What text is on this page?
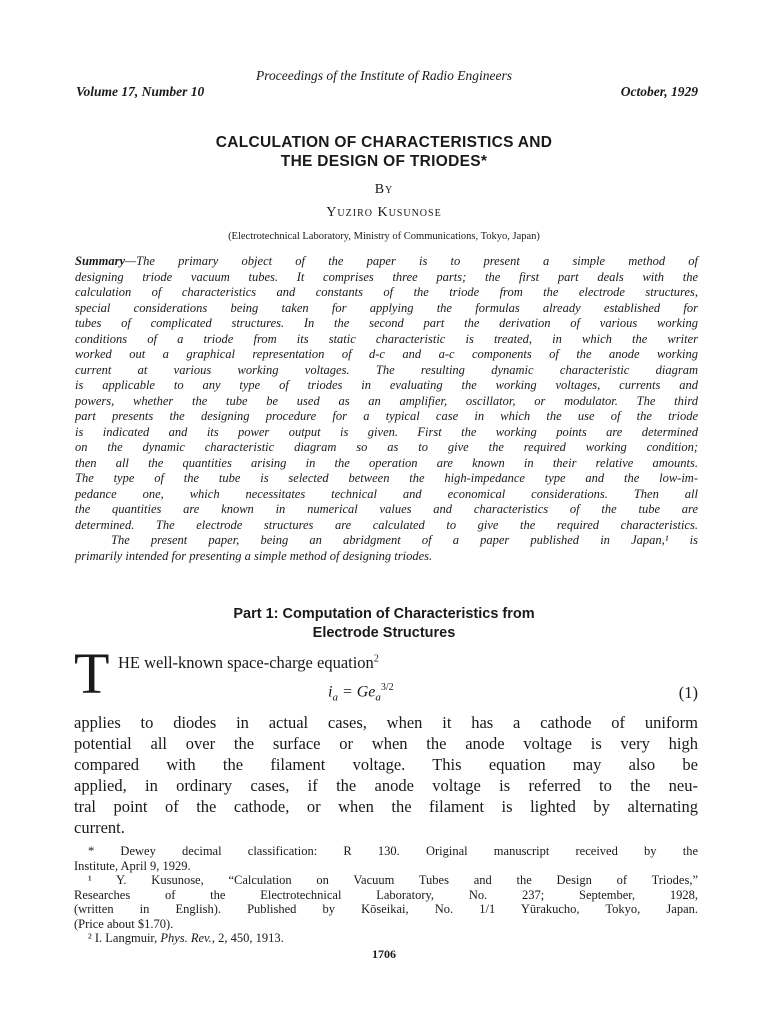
Proceedings of the Institute of Radio Engineers
Volume 17, Number 10	October, 1929
CALCULATION OF CHARACTERISTICS AND
THE DESIGN OF TRIODES*
By
Yuziro Kusunose
(Electrotechnical Laboratory, Ministry of Communications, Tokyo, Japan)
Summary—The primary object of the paper is to present a simple method of
designing triode vacuum tubes. It comprises three parts; the first part deals with the
calculation of characteristics and constants of the triode from the electrode structures,
special considerations being taken for applying the formulas already established for
tubes of complicated structures. In the second part the derivation of various working
conditions of a triode from its static characteristic is treated, in which the writer
worked out a graphical representation of d-c and a-c components of the anode working
current at various working voltages. The resulting dynamic characteristic diagram
is applicable to any type of triodes in evaluating the working voltages, currents and
powers, whether the tube be used as an amplifier, oscillator, or modulator. The third
part presents the designing procedure for a typical case in which the use of the triode
is indicated and its power output is given. First the working points are determined
on the dynamic characteristic diagram so as to give the required working condition;
then all the quantities arising in the operation are known in their relative amounts.
The type of the tube is selected between the high-impedance type and the low-im-
pedance one, which necessitates technical and economical considerations. Then all
the quantities are known in numerical values and characteristics of the tube are
determined. The electrode structures are calculated to give the required characteristics.
The present paper, being an abridgment of a paper published in Japan,¹ is
primarily intended for presenting a simple method of designing triodes.
Part 1: Computation of Characteristics from
Electrode Structures
T HE well-known space-charge equation$^2$
$i_a = Ge_a^{3/2}$	(1)
applies to diodes in actual cases, when it has a cathode of uniform
potential all over the surface or when the anode voltage is very high
compared with the filament voltage. This equation may also be
applied, in ordinary cases, if the anode voltage is referred to the neu-
tral point of the cathode, or when the filament is lighted by alternating
current.
* Dewey decimal classification: R 130. Original manuscript received by the
Institute, April 9, 1929.
¹ Y. Kusunose, “Calculation on Vacuum Tubes and the Design of Triodes,”
Researches of the Electrotechnical Laboratory, No. 237; September, 1928,
(written in English). Published by Kōseikai, No. 1/1 Yūrakucho, Tokyo, Japan.
(Price about $1.70).
² I. Langmuir, Phys. Rev., 2, 450, 1913.
1706
